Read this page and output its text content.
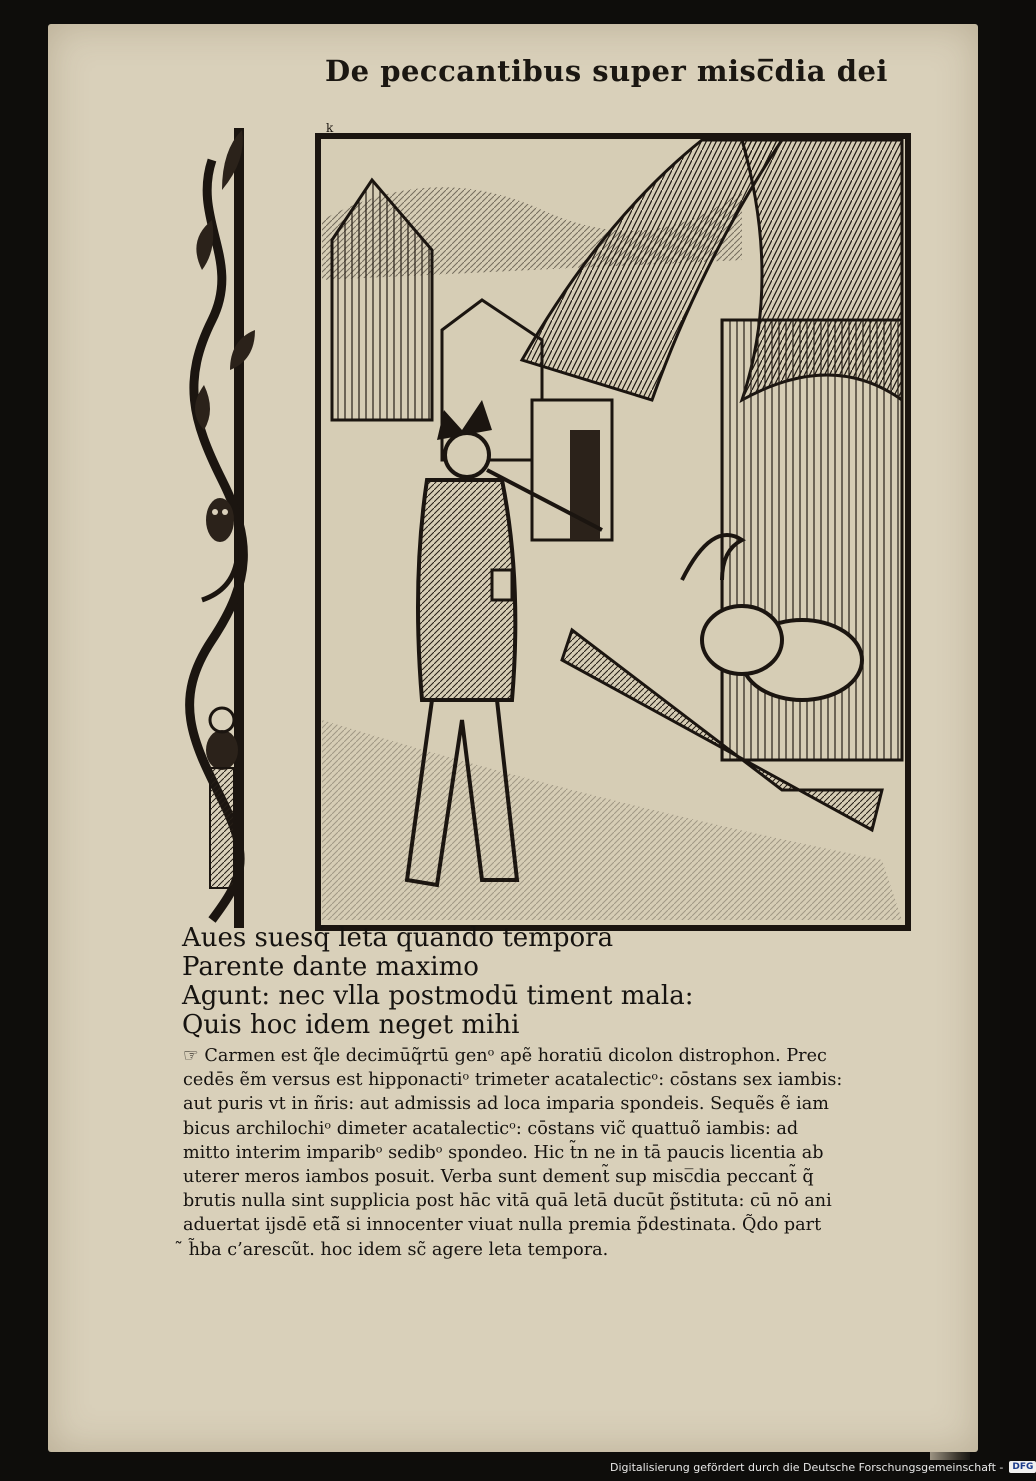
De peccantibus super misc̅dia dei
k
Aues suesq́ leta quando tempora
Parente dante maximo
Agunt: nec vlla postmodū timent mala:
Quis hoc idem neget mihi
☞ Carmen est q̃le decimūq̃rtū genᵒ apẽ horatiū dicolon distrophon. Prec
cedēs ẽm versus est hipponactiᵒ trimeter acatalecticᵒ: cōstans sex iambis:
aut puris vt in ñris: aut admissis ad loca imparia spondeis. Sequẽs ẽ iam
bicus archilochiᵒ dimeter acatalecticᵒ: cōstans vic̃ quattuõ iambis: ad
mitto interim imparibᵒ sedibᵒ spondeo. Hic t̃n ne in tā paucis licentia ab
uterer meros iambos posuit. Verba sunt dement̃ sup misc̅dia peccant̃ q̃
brutis nulla sint supplicia post hāc vitā quā letā ducūt p̃stituta: cū nō ani
aduertat ijsdē etā̃ si innocenter viuat nulla premia p̃destinata. Q̃do part
̃ h̃ba c’arescũt. hoc idem sc̃ agere leta tempora.
Digitalisierung gefördert durch die Deutsche Forschungsgemeinschaft -	DFG
